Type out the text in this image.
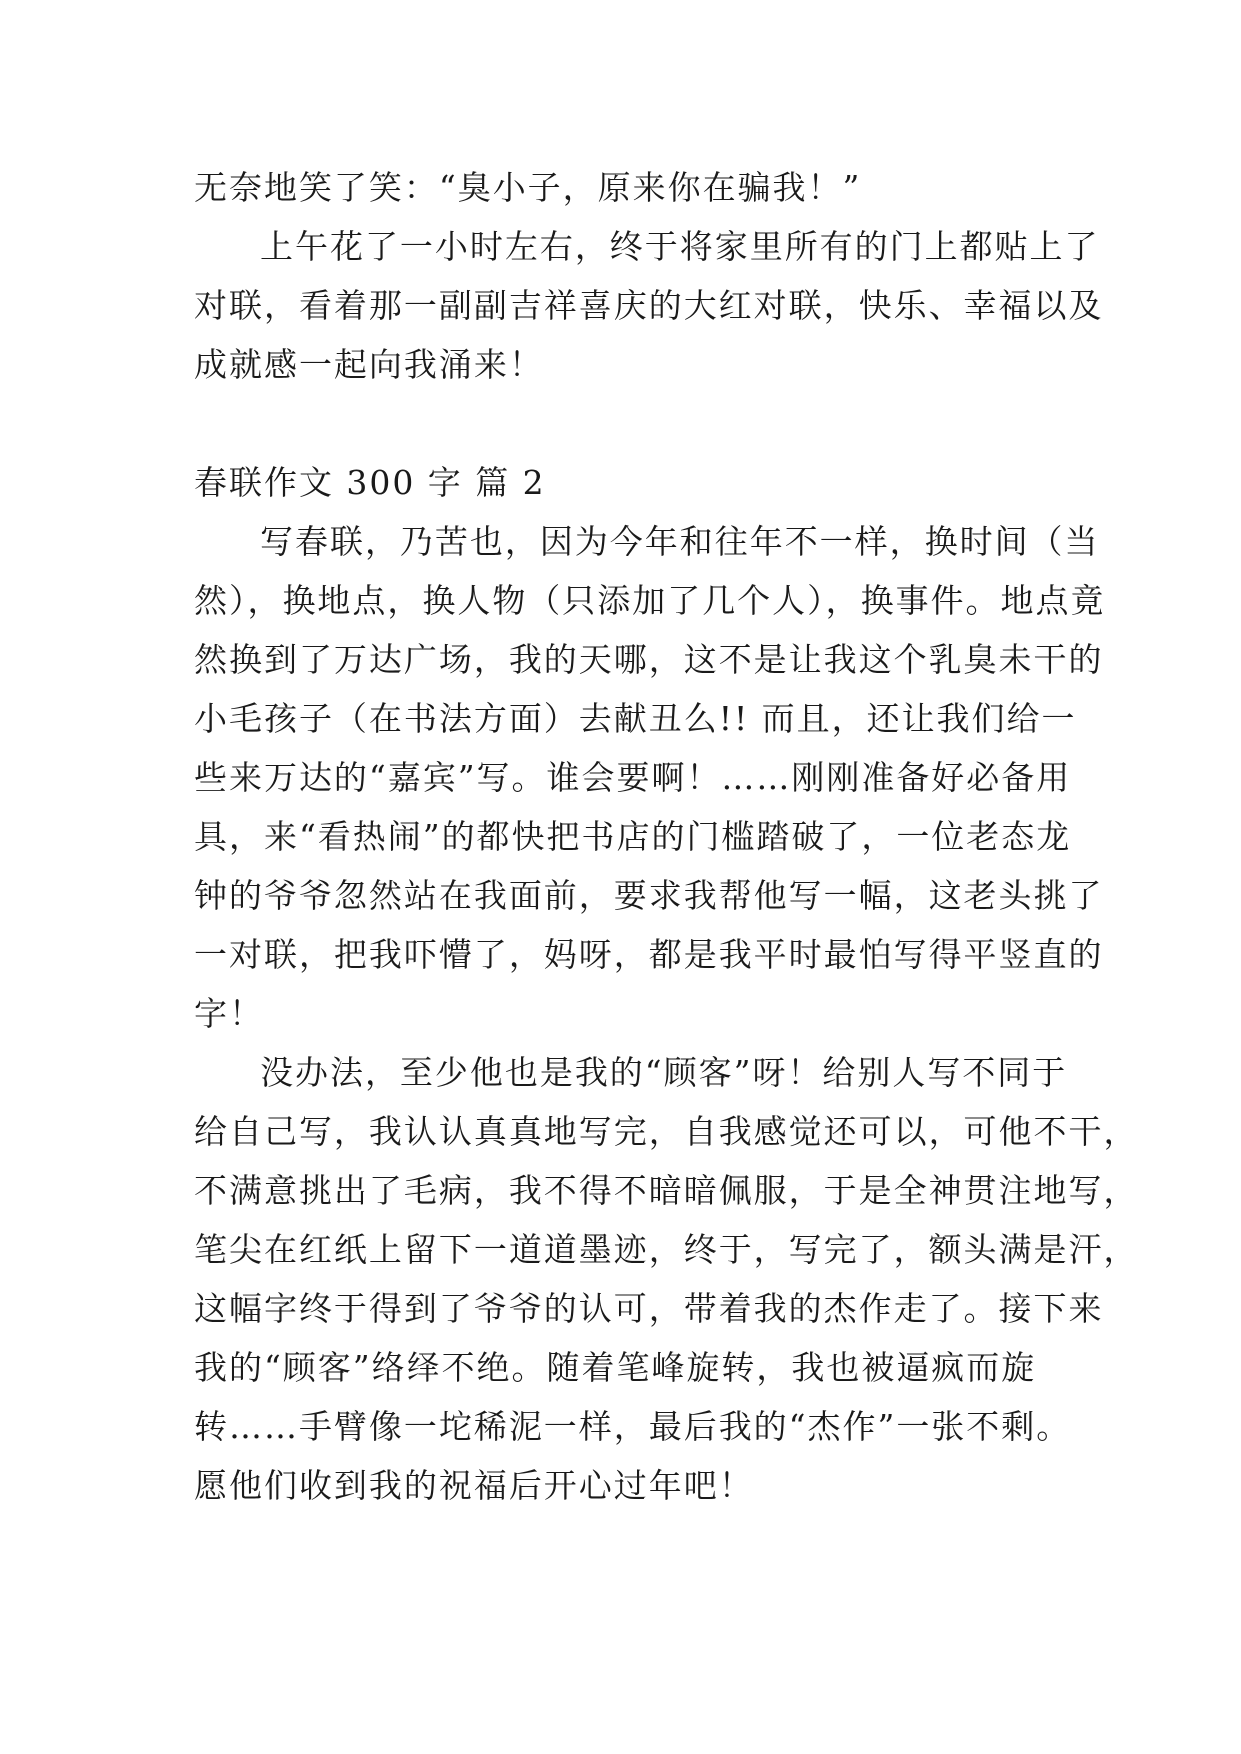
无奈地笑了笑：“臭小子，原来你在骗我！”
上午花了一小时左右，终于将家里所有的门上都贴上了
对联，看着那一副副吉祥喜庆的大红对联，快乐、幸福以及
成就感一起向我涌来！
春联作文 300 字 篇 2
写春联，乃苦也，因为今年和往年不一样，换时间（当
然），换地点，换人物（只添加了几个人），换事件。地点竟
然换到了万达广场，我的天哪，这不是让我这个乳臭未干的
小毛孩子（在书法方面）去献丑么!! 而且，还让我们给一
些来万达的“嘉宾”写。谁会要啊！……刚刚准备好必备用
具，来“看热闹”的都快把书店的门槛踏破了，一位老态龙
钟的爷爷忽然站在我面前，要求我帮他写一幅，这老头挑了
一对联，把我吓懵了，妈呀，都是我平时最怕写得平竖直的
字！
没办法，至少他也是我的“顾客”呀！给别人写不同于
给自己写，我认认真真地写完，自我感觉还可以，可他不干，
不满意挑出了毛病，我不得不暗暗佩服，于是全神贯注地写，
笔尖在红纸上留下一道道墨迹，终于，写完了，额头满是汗，
这幅字终于得到了爷爷的认可，带着我的杰作走了。接下来
我的“顾客”络绎不绝。随着笔峰旋转，我也被逼疯而旋
转……手臂像一坨稀泥一样，最后我的“杰作”一张不剩。
愿他们收到我的祝福后开心过年吧！
